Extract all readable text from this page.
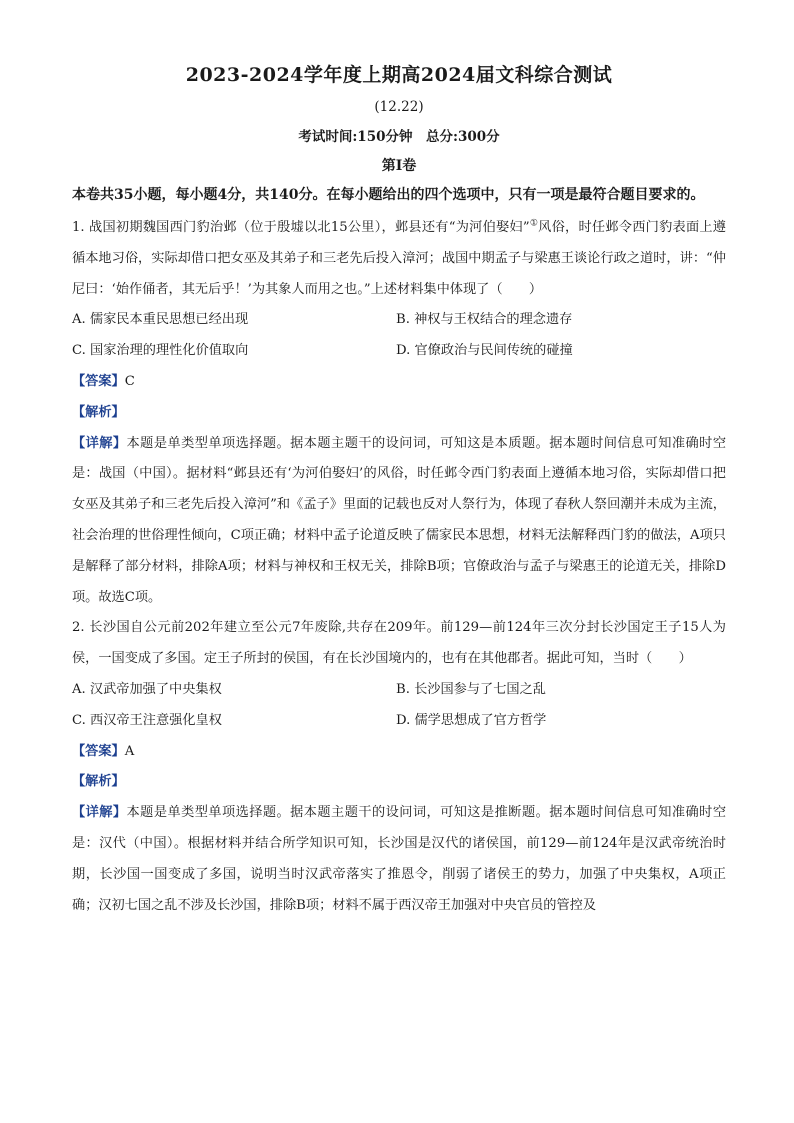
2023-2024学年度上期高2024届文科综合测试
(12.22)
考试时间:150分钟　总分:300分
第Ⅰ卷
本卷共35小题，每小题4分，共140分。在每小题给出的四个选项中，只有一项是最符合题目要求的。

1. 战国初期魏国西门豹治邺（位于殷墟以北15公里），邺县还有“为河伯娶妇”①风俗，时任邺令西门豹表面上遵循本地习俗，实际却借口把女巫及其弟子和三老先后投入漳河；战国中期孟子与梁惠王谈论行政之道时，讲：“仲尼曰：‘始作俑者，其无后乎！’为其象人而用之也。”上述材料集中体现了（　　）

A. 儒家民本重民思想已经出现	B. 神权与王权结合的理念遗存
C. 国家治理的理性化价值取向	D. 官僚政治与民间传统的碰撞
【答案】C
【解析】

【详解】本题是单类型单项选择题。据本题主题干的设问词，可知这是本质题。据本题时间信息可知准确时空是：战国（中国）。据材料“邺县还有‘为河伯娶妇’的风俗，时任邺令西门豹表面上遵循本地习俗，实际却借口把女巫及其弟子和三老先后投入漳河”和《孟子》里面的记载也反对人祭行为，体现了春秋人祭回潮并未成为主流，社会治理的世俗理性倾向，C项正确；材料中孟子论道反映了儒家民本思想，材料无法解释西门豹的做法，A项只是解释了部分材料，排除A项；材料与神权和王权无关，排除B项；官僚政治与孟子与梁惠王的论道无关，排除D项。故选C项。

2. 长沙国自公元前202年建立至公元7年废除,共存在209年。前129—前124年三次分封长沙国定王子15人为侯，一国变成了多国。定王子所封的侯国，有在长沙国境内的，也有在其他郡者。据此可知，当时（　　）

A. 汉武帝加强了中央集权	B. 长沙国参与了七国之乱
C. 西汉帝王注意强化皇权	D. 儒学思想成了官方哲学
【答案】A
【解析】

【详解】本题是单类型单项选择题。据本题主题干的设问词，可知这是推断题。据本题时间信息可知准确时空是：汉代（中国）。根据材料并结合所学知识可知，长沙国是汉代的诸侯国，前129—前124年是汉武帝统治时期，长沙国一国变成了多国，说明当时汉武帝落实了推恩令，削弱了诸侯王的势力，加强了中央集权，A项正确；汉初七国之乱不涉及长沙国，排除B项；材料不属于西汉帝王加强对中央官员的管控及
